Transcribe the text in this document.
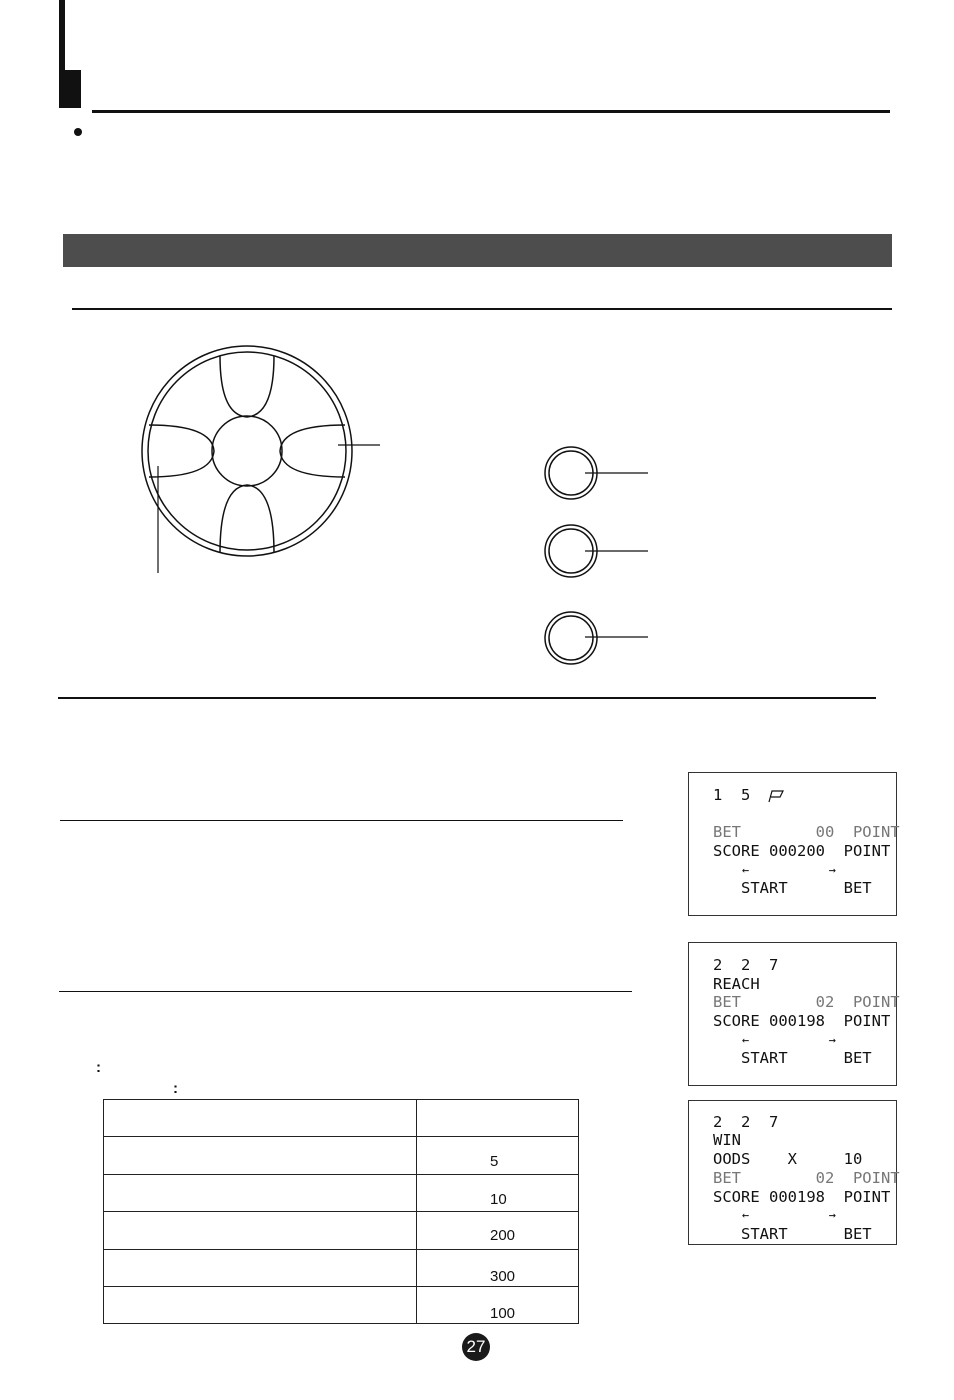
:
:
5
10
200
300
100
1  5
BET        00  POINT
SCORE 000200  POINT
←           →
START      BET
2  2  7
REACH
BET        02  POINT
SCORE 000198  POINT
←           →
START      BET
2  2  7
WIN
OODS    X     10
BET        02  POINT
SCORE 000198  POINT
←           →
START      BET
27
